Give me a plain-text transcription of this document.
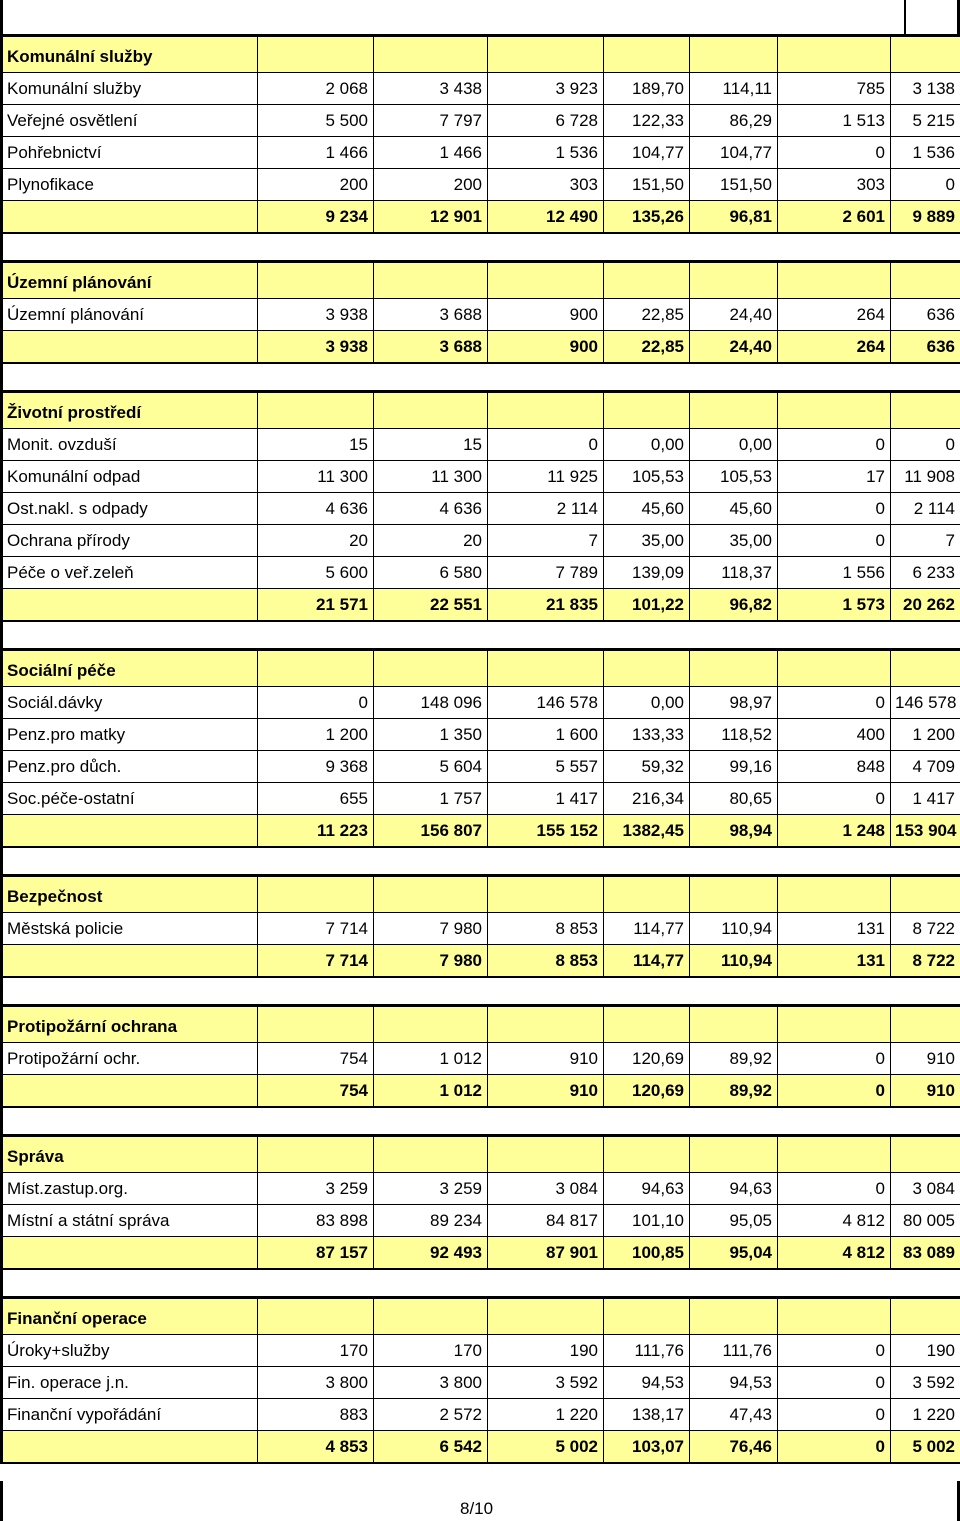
Komunální služby							
Komunální služby	2 068	3 438	3 923	189,70	114,11	785	3 138
Veřejné osvětlení	5 500	7 797	6 728	122,33	86,29	1 513	5 215
Pohřebnictví	1 466	1 466	1 536	104,77	104,77	0	1 536
Plynofikace	200	200	303	151,50	151,50	303	0
	9 234	12 901	12 490	135,26	96,81	2 601	9 889

Územní plánování							
Územní plánování	3 938	3 688	900	22,85	24,40	264	636
	3 938	3 688	900	22,85	24,40	264	636

Životní prostředí							
Monit. ovzduší	15	15	0	0,00	0,00	0	0
Komunální odpad	11 300	11 300	11 925	105,53	105,53	17	11 908
Ost.nakl. s odpady	4 636	4 636	2 114	45,60	45,60	0	2 114
Ochrana přírody	20	20	7	35,00	35,00	0	7
Péče o veř.zeleň	5 600	6 580	7 789	139,09	118,37	1 556	6 233
	21 571	22 551	21 835	101,22	96,82	1 573	20 262

Sociální péče							
Sociál.dávky	0	148 096	146 578	0,00	98,97	0	146 578
Penz.pro matky	1 200	1 350	1 600	133,33	118,52	400	1 200
Penz.pro důch.	9 368	5 604	5 557	59,32	99,16	848	4 709
Soc.péče-ostatní	655	1 757	1 417	216,34	80,65	0	1 417
	11 223	156 807	155 152	1382,45	98,94	1 248	153 904

Bezpečnost							
Městská policie	7 714	7 980	8 853	114,77	110,94	131	8 722
	7 714	7 980	8 853	114,77	110,94	131	8 722

Protipožární ochrana							
Protipožární ochr.	754	1 012	910	120,69	89,92	0	910
	754	1 012	910	120,69	89,92	0	910

Správa							
Míst.zastup.org.	3 259	3 259	3 084	94,63	94,63	0	3 084
Místní a státní správa	83 898	89 234	84 817	101,10	95,05	4 812	80 005
	87 157	92 493	87 901	100,85	95,04	4 812	83 089

Finanční operace							
Úroky+služby	170	170	190	111,76	111,76	0	190
Fin. operace j.n.	3 800	3 800	3 592	94,53	94,53	0	3 592
Finanční vypořádání	883	2 572	1 220	138,17	47,43	0	1 220
	4 853	6 542	5 002	103,07	76,46	0	5 002
8/10
